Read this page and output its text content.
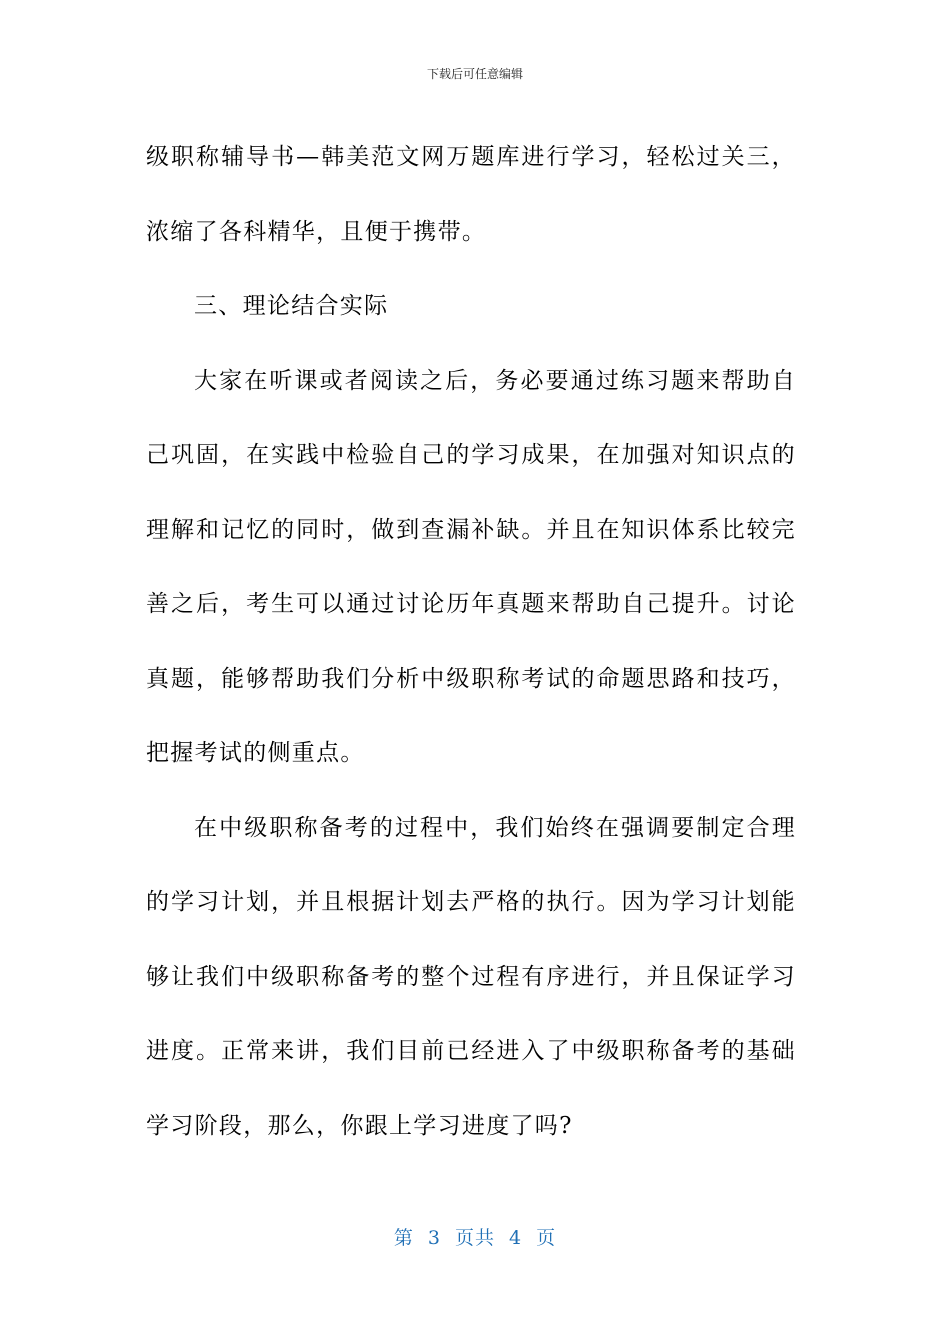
下载后可任意编辑

级职称辅导书—韩美范文网万题库进行学习，轻松过关三，浓缩了各科精华，且便于携带。

三、理论结合实际

大家在听课或者阅读之后，务必要通过练习题来帮助自己巩固，在实践中检验自己的学习成果，在加强对知识点的理解和记忆的同时，做到查漏补缺。并且在知识体系比较完善之后，考生可以通过讨论历年真题来帮助自己提升。讨论真题，能够帮助我们分析中级职称考试的命题思路和技巧，把握考试的侧重点。

在中级职称备考的过程中，我们始终在强调要制定合理的学习计划，并且根据计划去严格的执行。因为学习计划能够让我们中级职称备考的整个过程有序进行，并且保证学习进度。正常来讲，我们目前已经进入了中级职称备考的基础学习阶段，那么，你跟上学习进度了吗?

第 3 页共 4 页
